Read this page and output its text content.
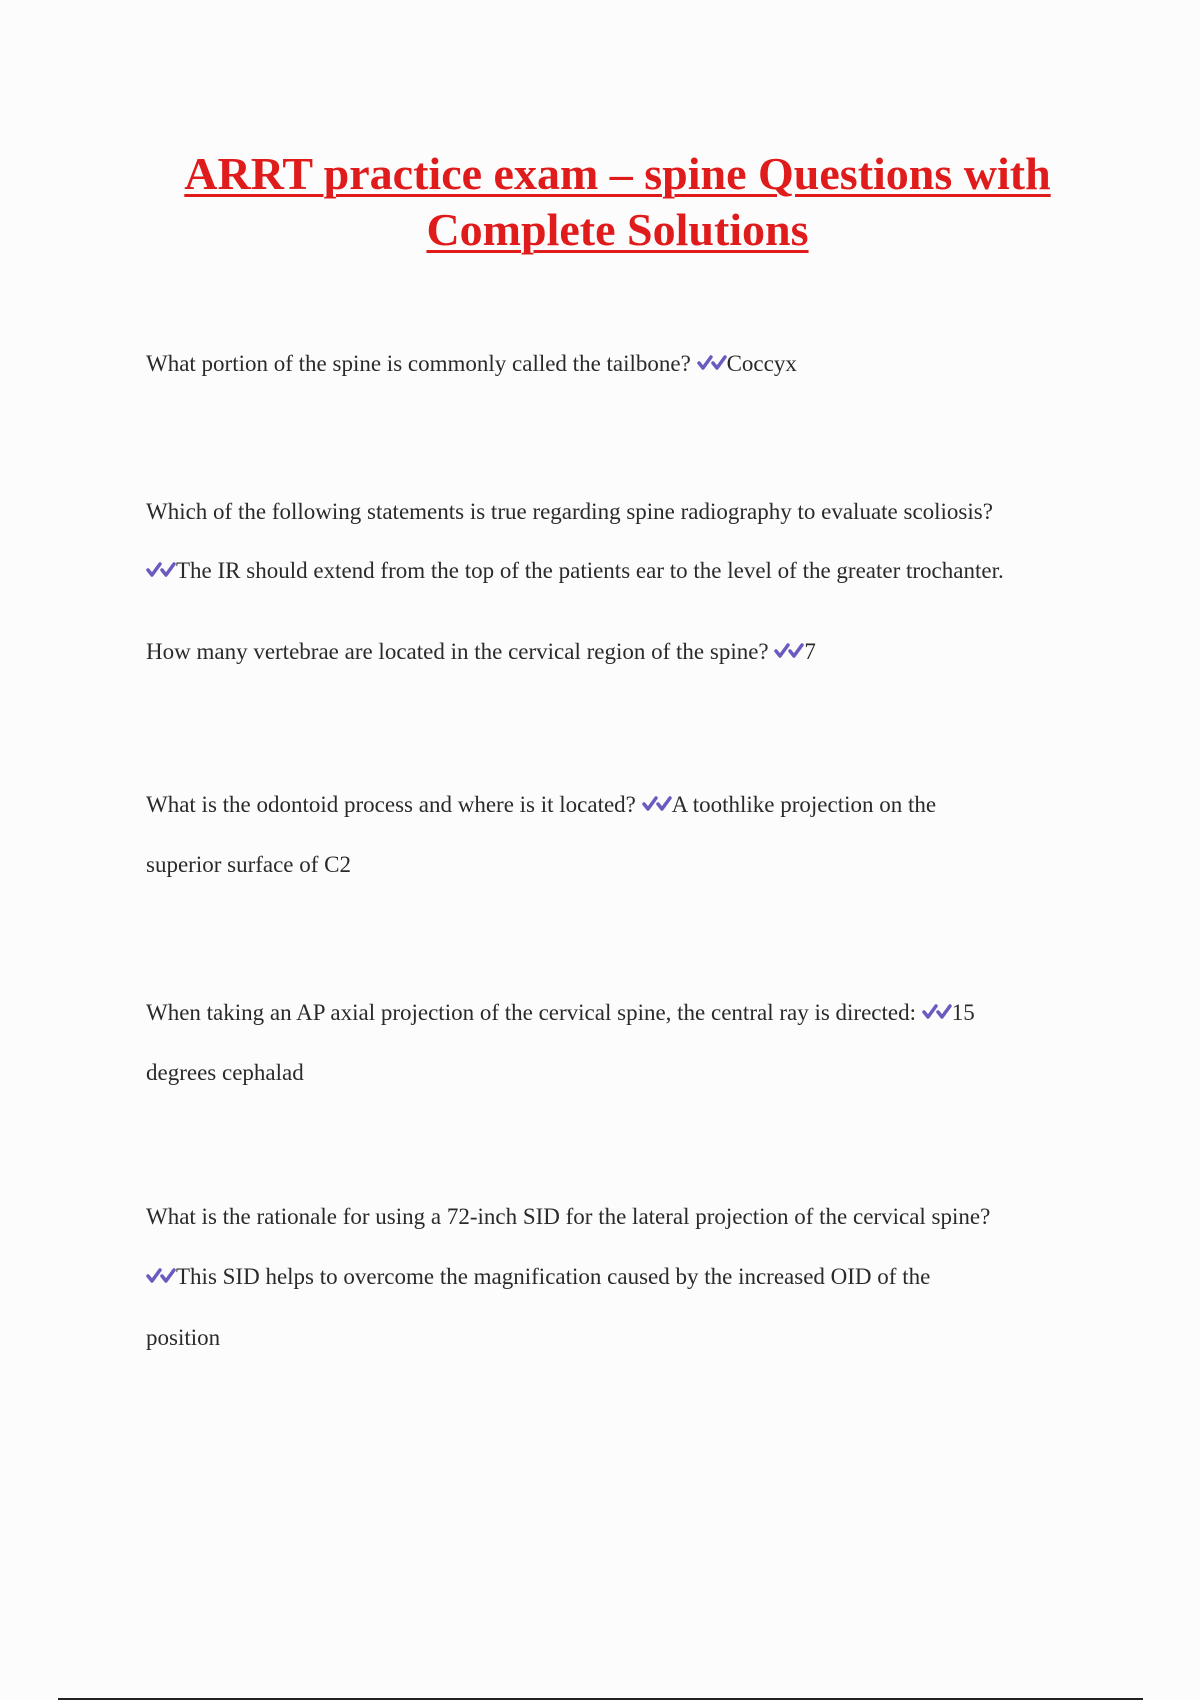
ARRT practice exam – spine Questions with
Complete Solutions
What portion of the spine is commonly called the tailbone? Coccyx
Which of the following statements is true regarding spine radiography to evaluate scoliosis?
The IR should extend from the top of the patients ear to the level of the greater trochanter.
How many vertebrae are located in the cervical region of the spine? 7
What is the odontoid process and where is it located? A toothlike projection on the
superior surface of C2
When taking an AP axial projection of the cervical spine, the central ray is directed: 15
degrees cephalad
What is the rationale for using a 72-inch SID for the lateral projection of the cervical spine?
This SID helps to overcome the magnification caused by the increased OID of the
position
